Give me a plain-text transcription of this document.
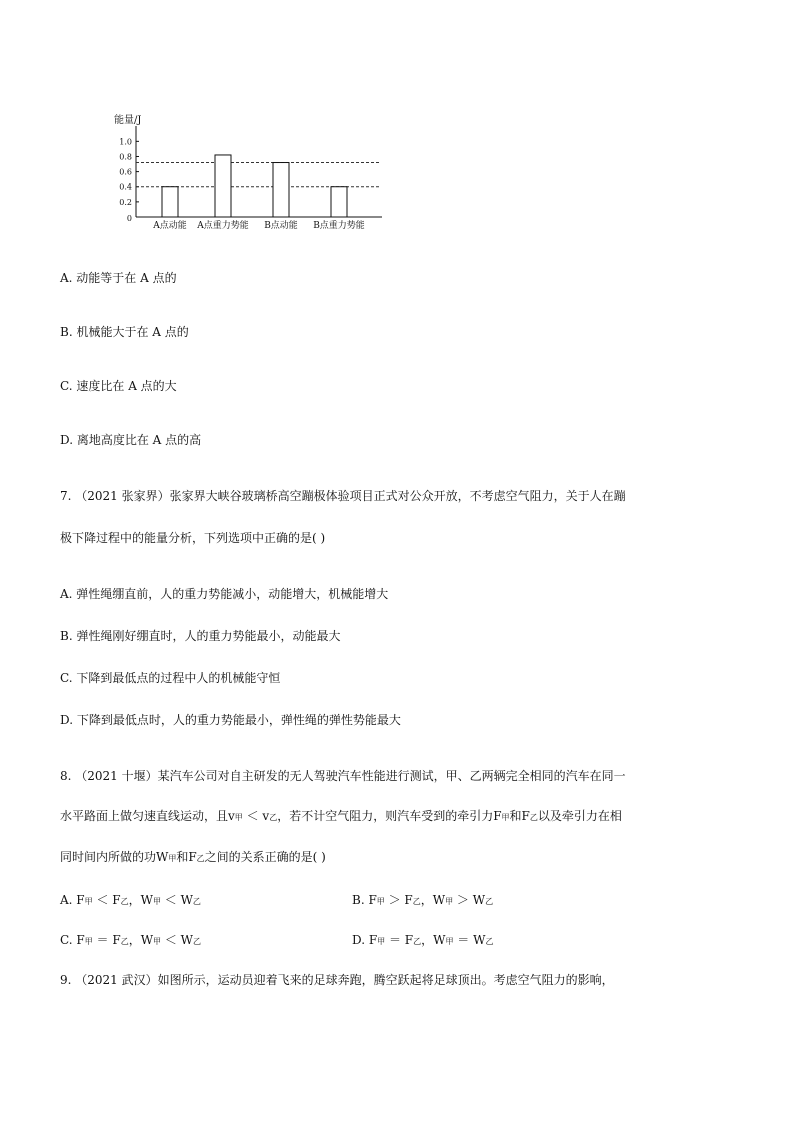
能量/J
0
0.2
0.4
0.6
0.8
1.0
A点动能 A点重力势能 B点动能 B点重力势能
A. 动能等于在 A 点的
B. 机械能大于在 A 点的
C. 速度比在 A 点的大
D. 离地高度比在 A 点的高
7. （2021 张家界）张家界大峡谷玻璃桥高空蹦极体验项目正式对公众开放，不考虑空气阻力，关于人在蹦
极下降过程中的能量分析，下列选项中正确的是( )
A. 弹性绳绷直前，人的重力势能减小，动能增大，机械能增大
B. 弹性绳刚好绷直时，人的重力势能最小，动能最大
C. 下降到最低点的过程中人的机械能守恒
D. 下降到最低点时，人的重力势能最小，弹性绳的弹性势能最大
8. （2021 十堰）某汽车公司对自主研发的无人驾驶汽车性能进行测试，甲、乙两辆完全相同的汽车在同一
水平路面上做匀速直线运动，且v甲 ＜ v乙，若不计空气阻力，则汽车受到的牵引力F甲和F乙以及牵引力在相
同时间内所做的功W甲和F乙之间的关系正确的是( )
A. F甲 ＜ F乙，W甲 ＜ W乙	B. F甲 ＞ F乙，W甲 ＞ W乙
C. F甲 ＝ F乙，W甲 ＜ W乙	D. F甲 ＝ F乙，W甲 ＝ W乙
9. （2021 武汉）如图所示，运动员迎着飞来的足球奔跑，腾空跃起将足球顶出。考虑空气阻力的影响，
